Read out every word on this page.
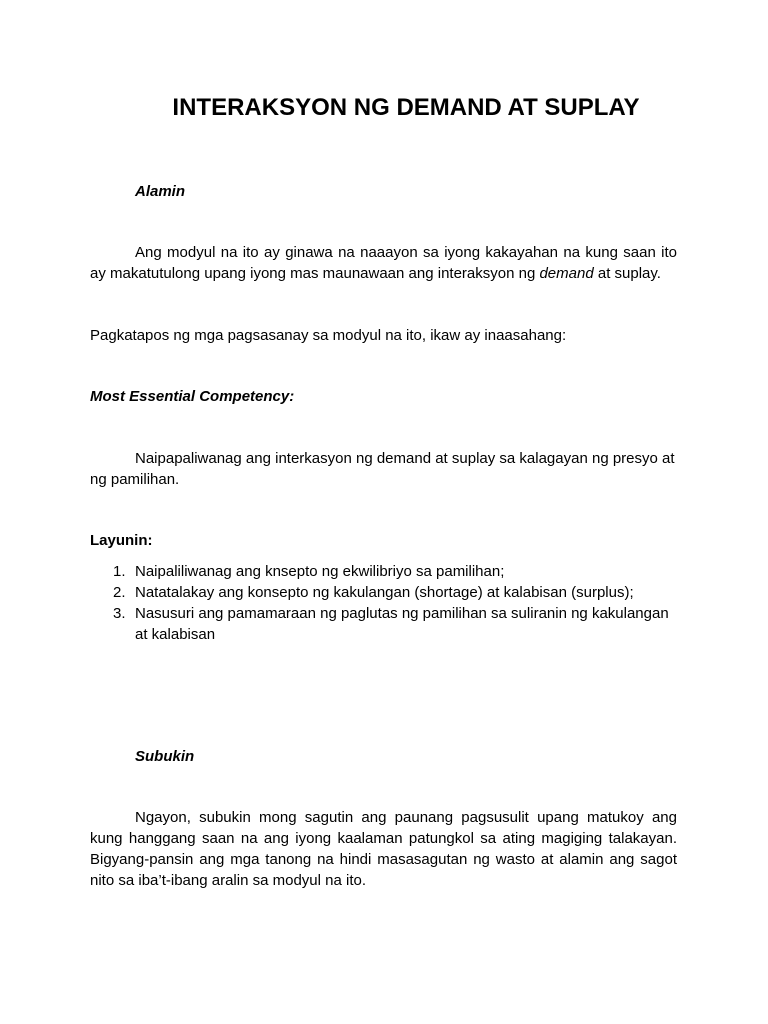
INTERAKSYON NG DEMAND AT SUPLAY

Alamin

Ang modyul na ito ay ginawa na naaayon sa iyong kakayahan na kung saan ito ay makatutulong upang iyong mas maunawaan ang interaksyon ng demand at suplay.

Pagkatapos ng mga pagsasanay sa modyul na ito, ikaw ay inaasahang:

Most Essential Competency:

Naipapaliwanag ang interkasyon ng demand at suplay sa kalagayan ng presyo at ng pamilihan.

Layunin:

1. Naipaliliwanag ang knsepto ng ekwilibriyo sa pamilihan;
2. Natatalakay ang konsepto ng kakulangan (shortage) at kalabisan (surplus);
3. Nasusuri ang pamamaraan ng paglutas ng pamilihan sa suliranin ng kakulangan at kalabisan

Subukin

Ngayon, subukin mong sagutin ang paunang pagsusulit upang matukoy ang kung hanggang saan na ang iyong kaalaman patungkol sa ating magiging talakayan. Bigyang-pansin ang mga tanong na hindi masasagutan ng wasto at alamin ang sagot nito sa iba’t-ibang aralin sa modyul na ito.
